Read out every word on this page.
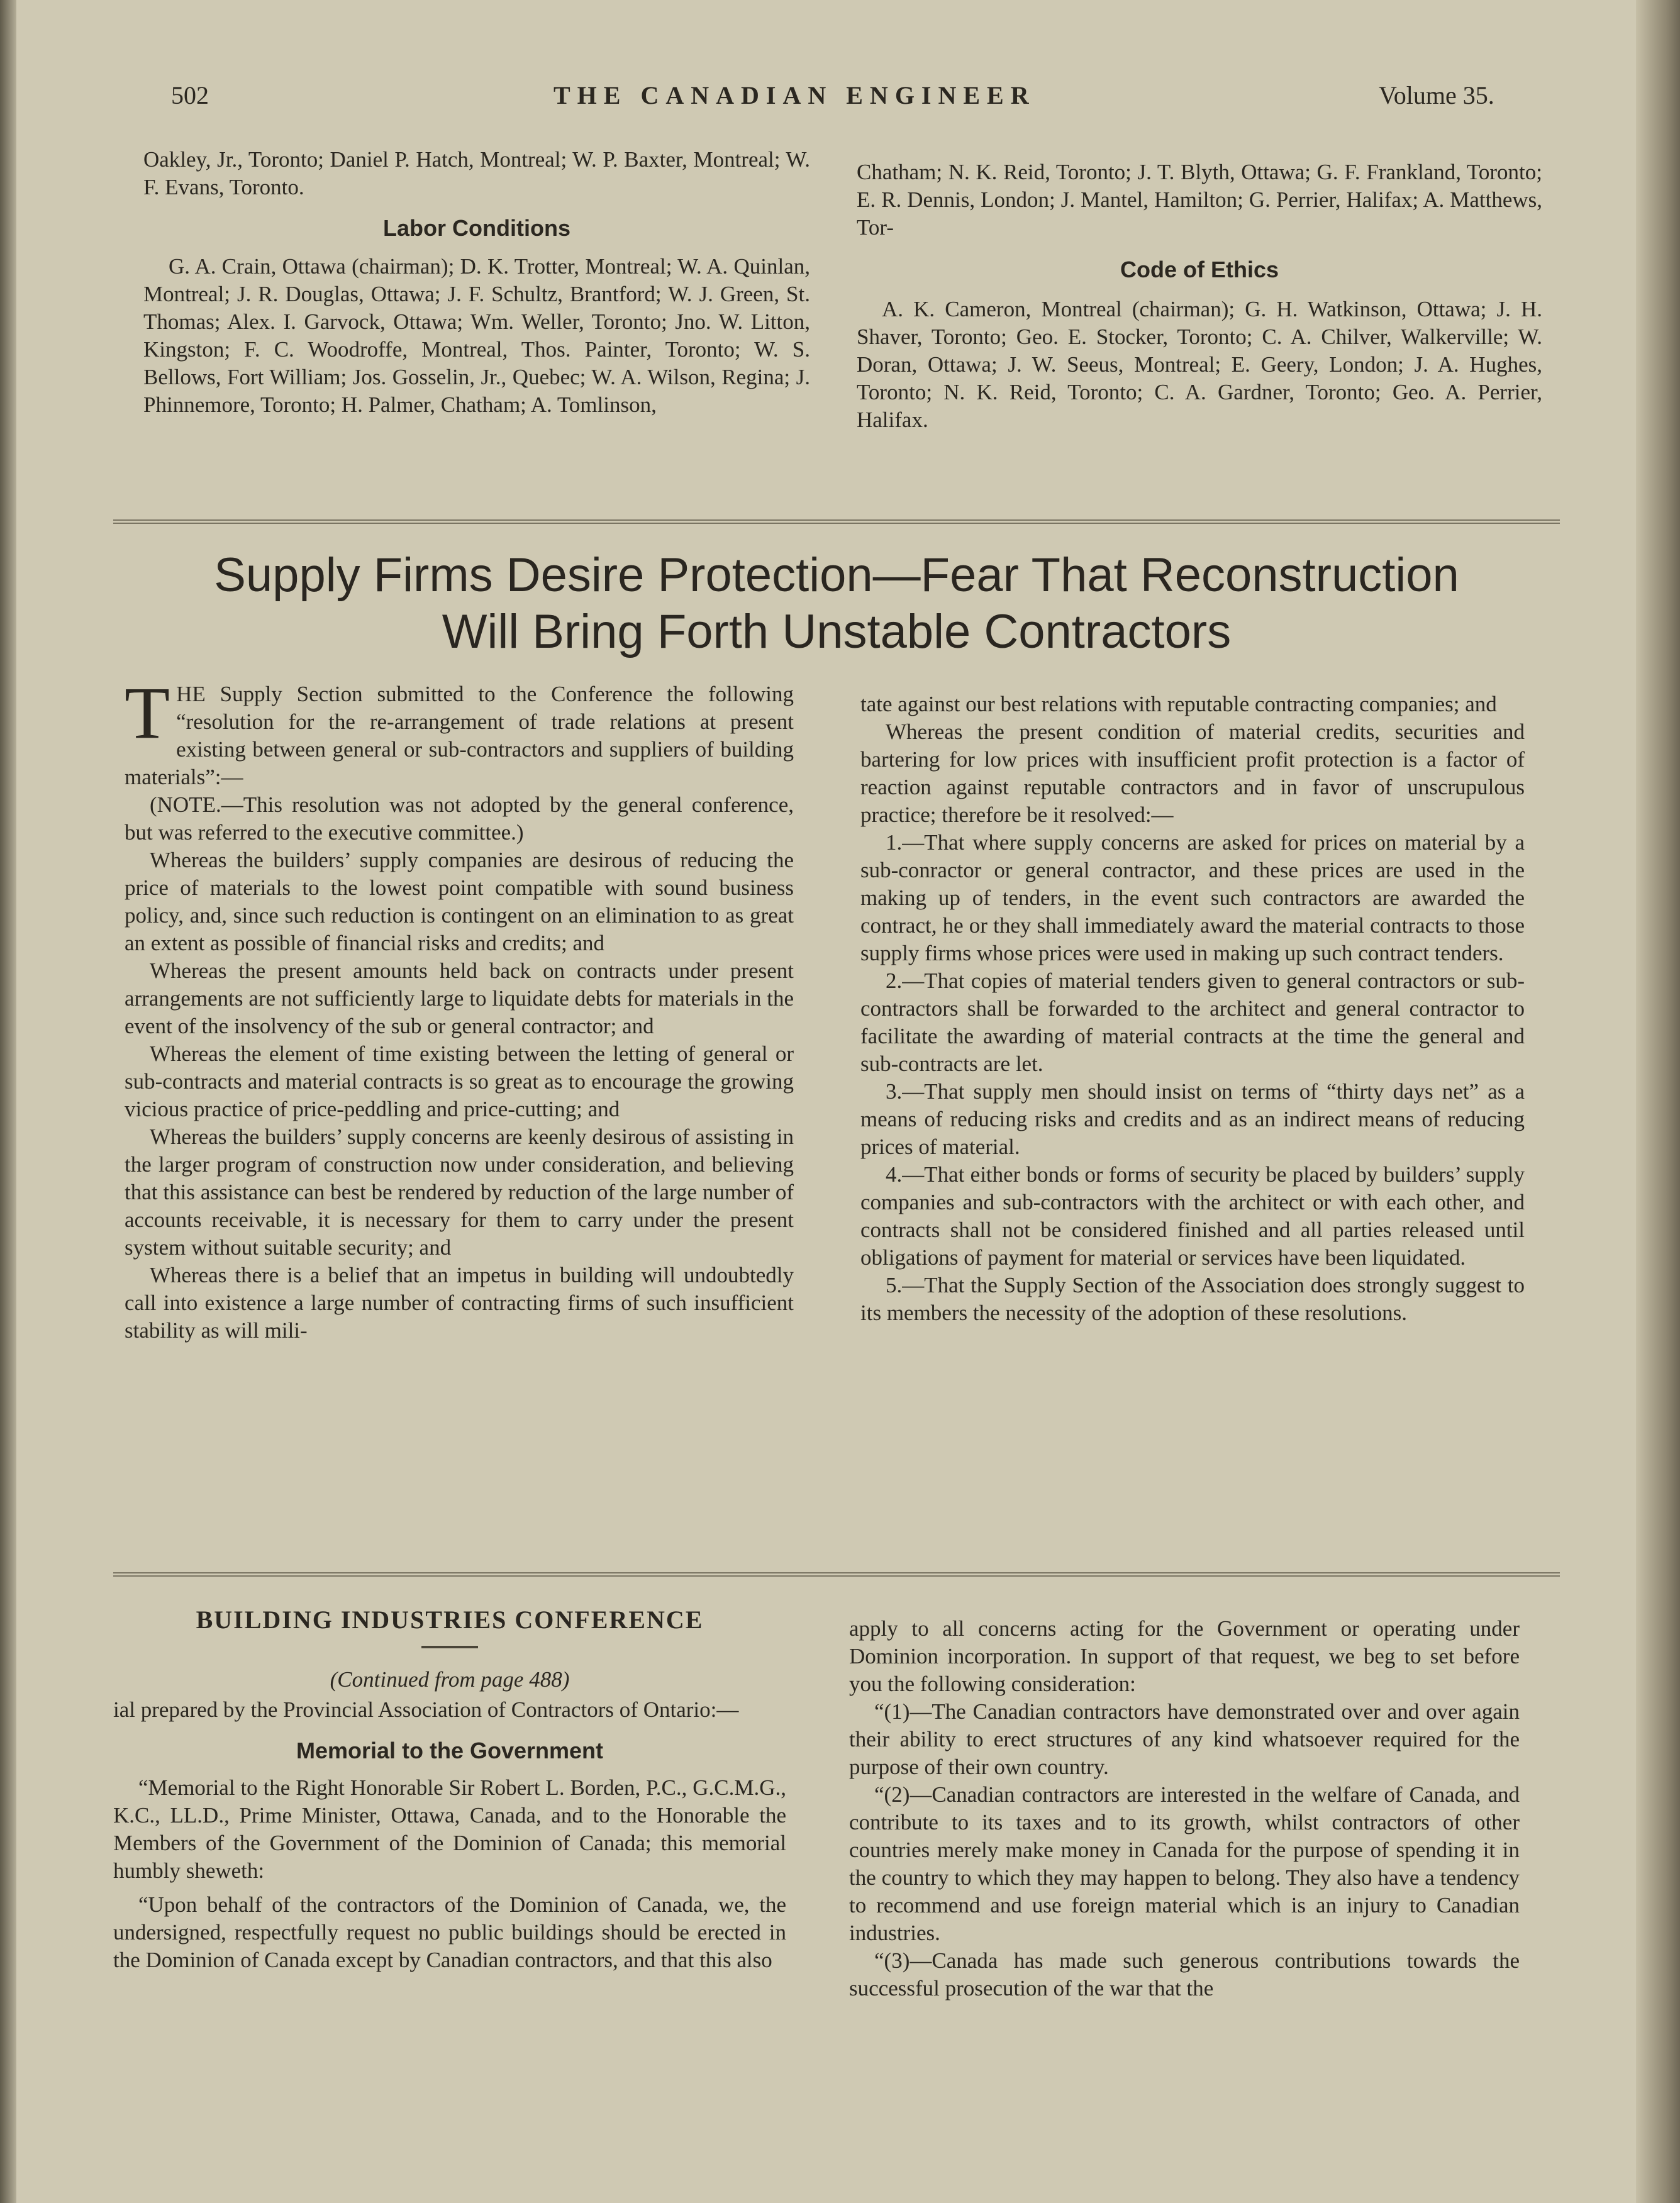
502	THE CANADIAN ENGINEER	Volume 35.

Oakley, Jr., Toronto; Daniel P. Hatch, Montreal; W. P. Baxter, Montreal; W. F. Evans, Toronto.

Labor Conditions

G. A. Crain, Ottawa (chairman); D. K. Trotter, Montreal; W. A. Quinlan, Montreal; J. R. Douglas, Ottawa; J. F. Schultz, Brantford; W. J. Green, St. Thomas; Alex. I. Garvock, Ottawa; Wm. Weller, Toronto; Jno. W. Litton, Kingston; F. C. Woodroffe, Montreal, Thos. Painter, Toronto; W. S. Bellows, Fort William; Jos. Gosselin, Jr., Quebec; W. A. Wilson, Regina; J. Phinnemore, Toronto; H. Palmer, Chatham; A. Tomlinson,

Chatham; N. K. Reid, Toronto; J. T. Blyth, Ottawa; G. F. Frankland, Toronto; E. R. Dennis, London; J. Mantel, Hamilton; G. Perrier, Halifax; A. Matthews, Tor-

Code of Ethics

A. K. Cameron, Montreal (chairman); G. H. Watkinson, Ottawa; J. H. Shaver, Toronto; Geo. E. Stocker, Toronto; C. A. Chilver, Walkerville; W. Doran, Ottawa; J. W. Seeus, Montreal; E. Geery, London; J. A. Hughes, Toronto; N. K. Reid, Toronto; C. A. Gardner, Toronto; Geo. A. Perrier, Halifax.

Supply Firms Desire Protection—Fear That Reconstruction
Will Bring Forth Unstable Contractors

THE Supply Section submitted to the Conference the following “resolution for the re-arrangement of trade relations at present existing between general or sub-contractors and suppliers of building materials”:—

(NOTE.—This resolution was not adopted by the general conference, but was referred to the executive committee.)

Whereas the builders’ supply companies are desirous of reducing the price of materials to the lowest point compatible with sound business policy, and, since such reduction is contingent on an elimination to as great an extent as possible of financial risks and credits; and

Whereas the present amounts held back on contracts under present arrangements are not sufficiently large to liquidate debts for materials in the event of the insolvency of the sub or general contractor; and

Whereas the element of time existing between the letting of general or sub-contracts and material contracts is so great as to encourage the growing vicious practice of price-peddling and price-cutting; and

Whereas the builders’ supply concerns are keenly desirous of assisting in the larger program of construction now under consideration, and believing that this assistance can best be rendered by reduction of the large number of accounts receivable, it is necessary for them to carry under the present system without suitable security; and

Whereas there is a belief that an impetus in building will undoubtedly call into existence a large number of contracting firms of such insufficient stability as will mili-

tate against our best relations with reputable contracting companies; and

Whereas the present condition of material credits, securities and bartering for low prices with insufficient profit protection is a factor of reaction against reputable contractors and in favor of unscrupulous practice; therefore be it resolved:—

1.—That where supply concerns are asked for prices on material by a sub-conractor or general contractor, and these prices are used in the making up of tenders, in the event such contractors are awarded the contract, he or they shall immediately award the material contracts to those supply firms whose prices were used in making up such contract tenders.

2.—That copies of material tenders given to general contractors or sub-contractors shall be forwarded to the architect and general contractor to facilitate the awarding of material contracts at the time the general and sub-contracts are let.

3.—That supply men should insist on terms of “thirty days net” as a means of reducing risks and credits and as an indirect means of reducing prices of material.

4.—That either bonds or forms of security be placed by builders’ supply companies and sub-contractors with the architect or with each other, and contracts shall not be considered finished and all parties released until obligations of payment for material or services have been liquidated.

5.—That the Supply Section of the Association does strongly suggest to its members the necessity of the adoption of these resolutions.

BUILDING INDUSTRIES CONFERENCE

(Continued from page 488)

ial prepared by the Provincial Association of Contractors of Ontario:—

Memorial to the Government

“Memorial to the Right Honorable Sir Robert L. Borden, P.C., G.C.M.G., K.C., LL.D., Prime Minister, Ottawa, Canada, and to the Honorable the Members of the Government of the Dominion of Canada; this memorial humbly sheweth:

“Upon behalf of the contractors of the Dominion of Canada, we, the undersigned, respectfully request no public buildings should be erected in the Dominion of Canada except by Canadian contractors, and that this also

apply to all concerns acting for the Government or operating under Dominion incorporation. In support of that request, we beg to set before you the following consideration:

“(1)—The Canadian contractors have demonstrated over and over again their ability to erect structures of any kind whatsoever required for the purpose of their own country.

“(2)—Canadian contractors are interested in the welfare of Canada, and contribute to its taxes and to its growth, whilst contractors of other countries merely make money in Canada for the purpose of spending it in the country to which they may happen to belong. They also have a tendency to recommend and use foreign material which is an injury to Canadian industries.

“(3)—Canada has made such generous contributions towards the successful prosecution of the war that the
